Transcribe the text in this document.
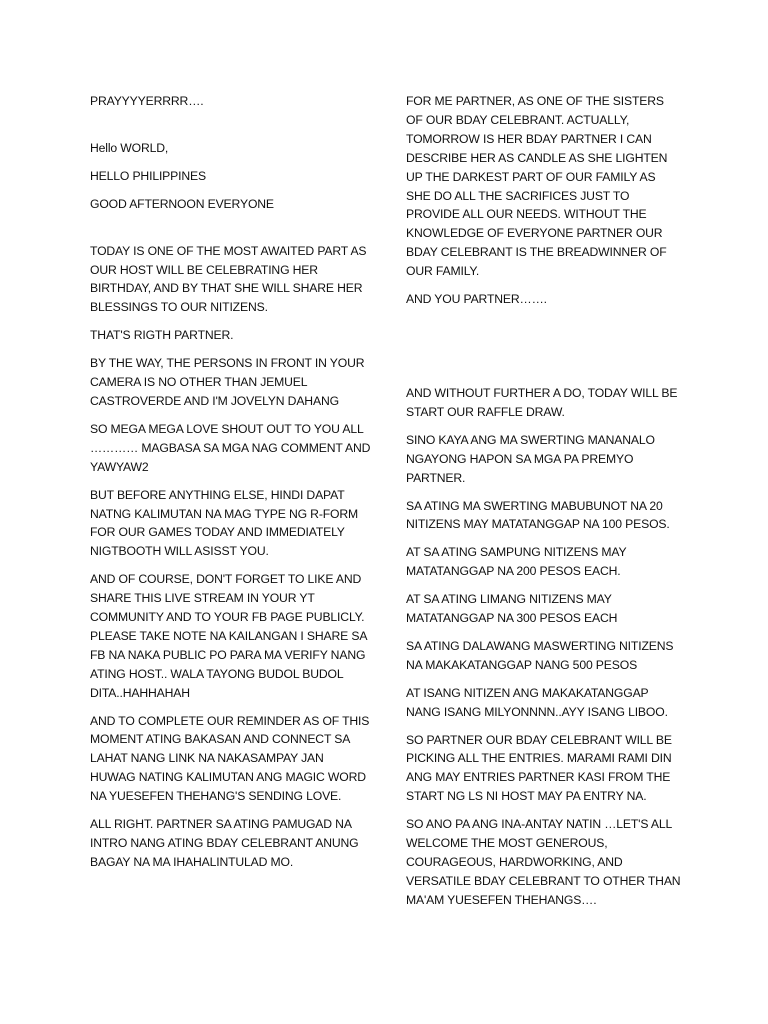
PRAYYYYERRRR….

Hello WORLD,

HELLO PHILIPPINES

GOOD AFTERNOON EVERYONE

TODAY IS ONE OF THE MOST AWAITED PART AS OUR HOST WILL BE CELEBRATING HER BIRTHDAY, AND BY THAT SHE WILL SHARE HER BLESSINGS TO OUR NITIZENS.

THAT'S RIGTH PARTNER.

BY THE WAY, THE PERSONS IN FRONT IN YOUR CAMERA IS NO OTHER THAN JEMUEL CASTROVERDE AND I'M JOVELYN DAHANG

SO MEGA MEGA LOVE SHOUT OUT TO YOU ALL ………… MAGBASA SA MGA NAG COMMENT AND YAWYAW2

BUT BEFORE ANYTHING ELSE, HINDI DAPAT NATNG KALIMUTAN NA MAG TYPE NG R-FORM FOR OUR GAMES TODAY AND IMMEDIATELY NIGTBOOTH WILL ASISST YOU.

AND OF COURSE, DON'T FORGET TO LIKE AND SHARE THIS LIVE STREAM IN YOUR YT COMMUNITY AND TO YOUR FB PAGE PUBLICLY. PLEASE TAKE NOTE NA KAILANGAN I SHARE SA FB NA NAKA PUBLIC PO PARA MA VERIFY NANG ATING HOST.. WALA TAYONG BUDOL BUDOL DITA..HAHHAHAH

AND TO COMPLETE OUR REMINDER AS OF THIS MOMENT ATING BAKASAN AND CONNECT SA LAHAT NANG LINK NA NAKASAMPAY JAN HUWAG NATING KALIMUTAN ANG MAGIC WORD NA YUESEFEN THEHANG'S SENDING LOVE.

ALL RIGHT. PARTNER SA ATING PAMUGAD NA INTRO NANG ATING BDAY CELEBRANT ANUNG BAGAY NA MA IHAHALINTULAD MO.

FOR ME PARTNER, AS ONE OF THE SISTERS OF OUR BDAY CELEBRANT. ACTUALLY, TOMORROW IS HER BDAY PARTNER I CAN DESCRIBE HER AS CANDLE AS SHE LIGHTEN UP THE DARKEST PART OF OUR FAMILY AS SHE DO ALL THE SACRIFICES JUST TO PROVIDE ALL OUR NEEDS. WITHOUT THE KNOWLEDGE OF EVERYONE PARTNER OUR BDAY CELEBRANT IS THE BREADWINNER OF OUR FAMILY.

AND YOU PARTNER…….

AND WITHOUT FURTHER A DO, TODAY WILL BE START OUR RAFFLE DRAW.

SINO KAYA ANG MA SWERTING MANANALO NGAYONG HAPON SA MGA PA PREMYO PARTNER.

SA ATING MA SWERTING MABUBUNOT NA 20 NITIZENS MAY MATATANGGAP NA 100 PESOS.

AT SA ATING SAMPUNG NITIZENS MAY MATATANGGAP NA 200 PESOS EACH.

AT SA ATING LIMANG NITIZENS MAY MATATANGGAP NA 300 PESOS EACH

SA ATING DALAWANG MASWERTING NITIZENS NA MAKAKATANGGAP NANG 500 PESOS

AT ISANG NITIZEN ANG MAKAKATANGGAP NANG ISANG MILYONNNN..AYY ISANG LIBOO.

SO PARTNER OUR BDAY CELEBRANT WILL BE PICKING ALL THE ENTRIES. MARAMI RAMI DIN ANG MAY ENTRIES PARTNER KASI FROM THE START NG LS NI HOST MAY PA ENTRY NA.

SO ANO PA ANG INA-ANTAY NATIN …LET'S ALL WELCOME THE MOST GENEROUS, COURAGEOUS, HARDWORKING, AND VERSATILE BDAY CELEBRANT TO OTHER THAN MA'AM YUESEFEN THEHANGS….
